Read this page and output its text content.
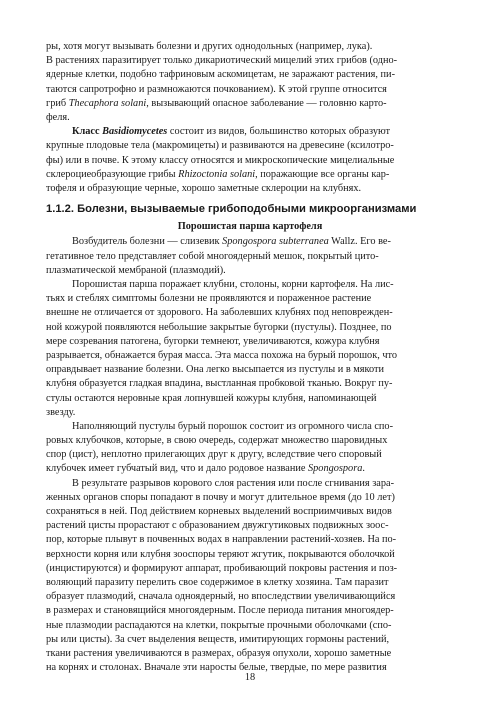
ры, хотя могут вызывать болезни и других однодольных (например, лука).
В растениях паразитирует только дикариотический мицелий этих грибов (одно-
ядерные клетки, подобно тафриновым аскомицетам, не заражают растения, пи-
таются сапротрофно и размножаются почкованием). К этой группе относится
гриб Thecaphora solani, вызывающий опасное заболевание — головню карто-
феля.
Класс Basidiomycetes состоит из видов, большинство которых образуют
крупные плодовые тела (макромицеты) и развиваются на древесине (ксилотро-
фы) или в почве. К этому классу относятся и микроскопические мицелиальные
склероциеобразующие грибы Rhizoctonia solani, поражающие все органы кар-
тофеля и образующие черные, хорошо заметные склероции на клубнях.
1.1.2. Болезни, вызываемые грибоподобными микроорганизмами
Порошистая парша картофеля
Возбудитель болезни — слизевик Spongospora subterranea Wallz. Его ве-
гетативное тело представляет собой многоядерный мешок, покрытый цито-
плазматической мембраной (плазмодий).
Порошистая парша поражает клубни, столоны, корни картофеля. На лис-
тьях и стеблях симптомы болезни не проявляются и пораженное растение
внешне не отличается от здорового. На заболевших клубнях под неповрежден-
ной кожурой появляются небольшие закрытые бугорки (пустулы). Позднее, по
мере созревания патогена, бугорки темнеют, увеличиваются, кожура клубня
разрывается, обнажается бурая масса. Эта масса похожа на бурый порошок, что
оправдывает название болезни. Она легко высыпается из пустулы и в мякоти
клубня образуется гладкая впадина, выстланная пробковой тканью. Вокруг пу-
стулы остаются неровные края лопнувшей кожуры клубня, напоминающей
звезду.
Наполняющий пустулы бурый порошок состоит из огромного числа спо-
ровых клубочков, которые, в свою очередь, содержат множество шаровидных
спор (цист), неплотно прилегающих друг к другу, вследствие чего споровый
клубочек имеет губчатый вид, что и дало родовое название Spongospora.
В результате разрывов корового слоя растения или после сгнивания зара-
женных органов споры попадают в почву и могут длительное время (до 10 лет)
сохраняться в ней. Под действием корневых выделений восприимчивых видов
растений цисты прорастают с образованием двужгутиковых подвижных зоос-
пор, которые плывут в почвенных водах в направлении растений-хозяев. На по-
верхности корня или клубня зооспоры теряют жгутик, покрываются оболочкой
(инцистируются) и формируют аппарат, пробивающий покровы растения и поз-
воляющий паразиту перелить свое содержимое в клетку хозяина. Там паразит
образует плазмодий, сначала одноядерный, но впоследствии увеличивающийся
в размерах и становящийся многоядерным. После периода питания многоядер-
ные плазмодии распадаются на клетки, покрытые прочными оболочками (спо-
ры или цисты). За счет выделения веществ, имитирующих гормоны растений,
ткани растения увеличиваются в размерах, образуя опухоли, хорошо заметные
на корнях и столонах. Вначале эти наросты белые, твердые, по мере развития
18
